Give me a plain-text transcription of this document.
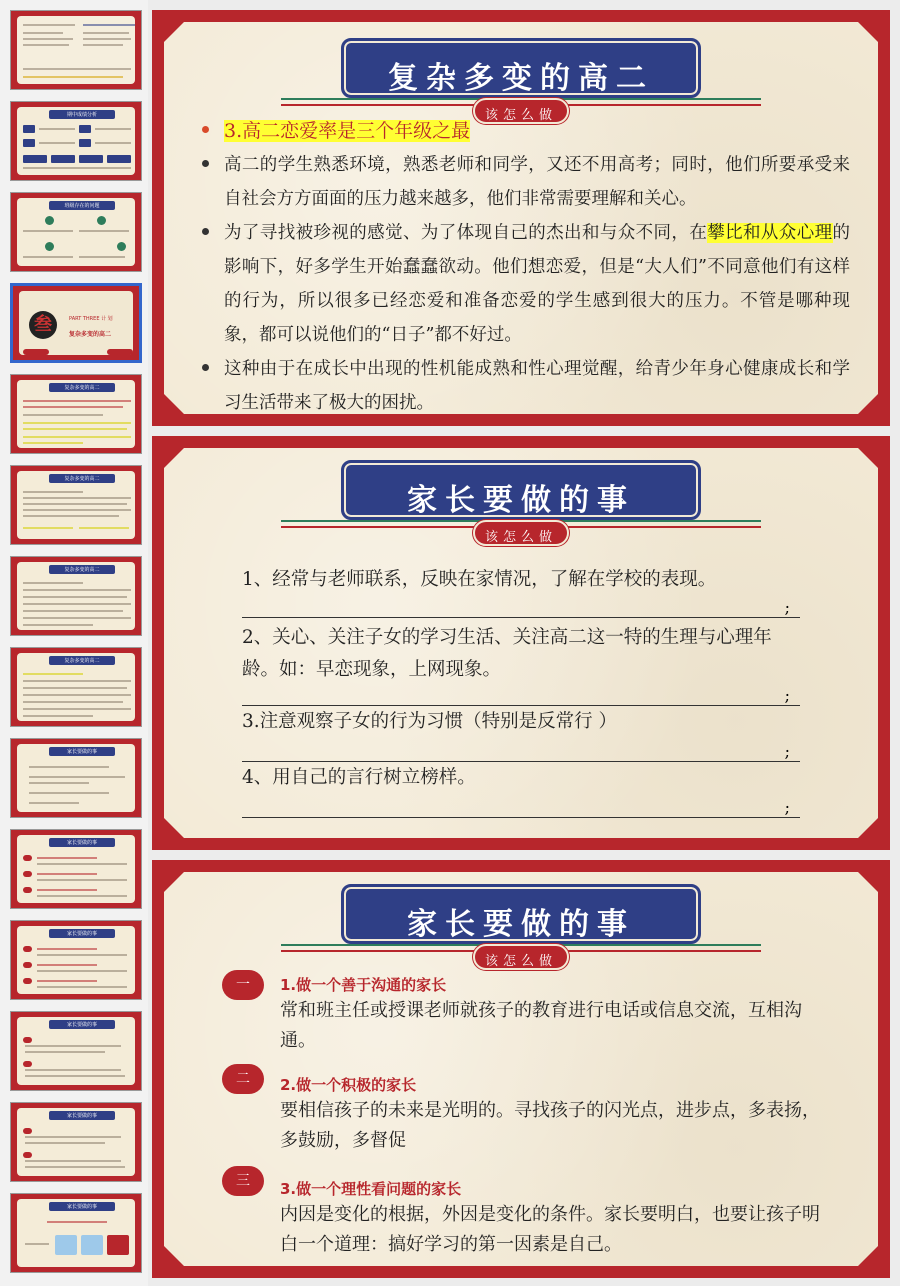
期中成绩分析
班级存在的问题
叁	PART THREE 计 划
复杂多变的高二
复杂多变的高二
复杂多变的高二
复杂多变的高二
复杂多变的高二
家长要做的事
家长要做的事
家长要做的事
家长要做的事
家长要做的事
家长要做的事
复杂多变的高二
该怎么做
3.高二恋爱率是三个年级之最
高二的学生熟悉环境，熟悉老师和同学，又还不用高考；同时，他们所要承受来自社会方方面面的压力越来越多，他们非常需要理解和关心。
为了寻找被珍视的感觉、为了体现自己的杰出和与众不同，在攀比和从众心理的影响下，好多学生开始蠢蠢欲动。他们想恋爱，但是“大人们”不同意他们有这样的行为，所以很多已经恋爱和准备恋爱的学生感到很大的压力。不管是哪种现象，都可以说他们的“日子”都不好过。
这种由于在成长中出现的性机能成熟和性心理觉醒，给青少年身心健康成长和学习生活带来了极大的困扰。
家长要做的事
该怎么做
1、经常与老师联系，反映在家情况，了解在学校的表现。
;
2、关心、关注子女的学习生活、关注高二这一特的生理与心理年龄。如：早恋现象，上网现象。
;
3.注意观察子女的行为习惯（特别是反常行 ）
;
4、用自己的言行树立榜样。
;
家长要做的事
该怎么做
一	1.做一个善于沟通的家长
常和班主任或授课老师就孩子的教育进行电话或信息交流，互相沟通。
二	2.做一个积极的家长
要相信孩子的未来是光明的。寻找孩子的闪光点，进步点，多表扬，多鼓励，多督促
三	3.做一个理性看问题的家长
内因是变化的根据，外因是变化的条件。家长要明白，也要让孩子明白一个道理：搞好学习的第一因素是自己。
